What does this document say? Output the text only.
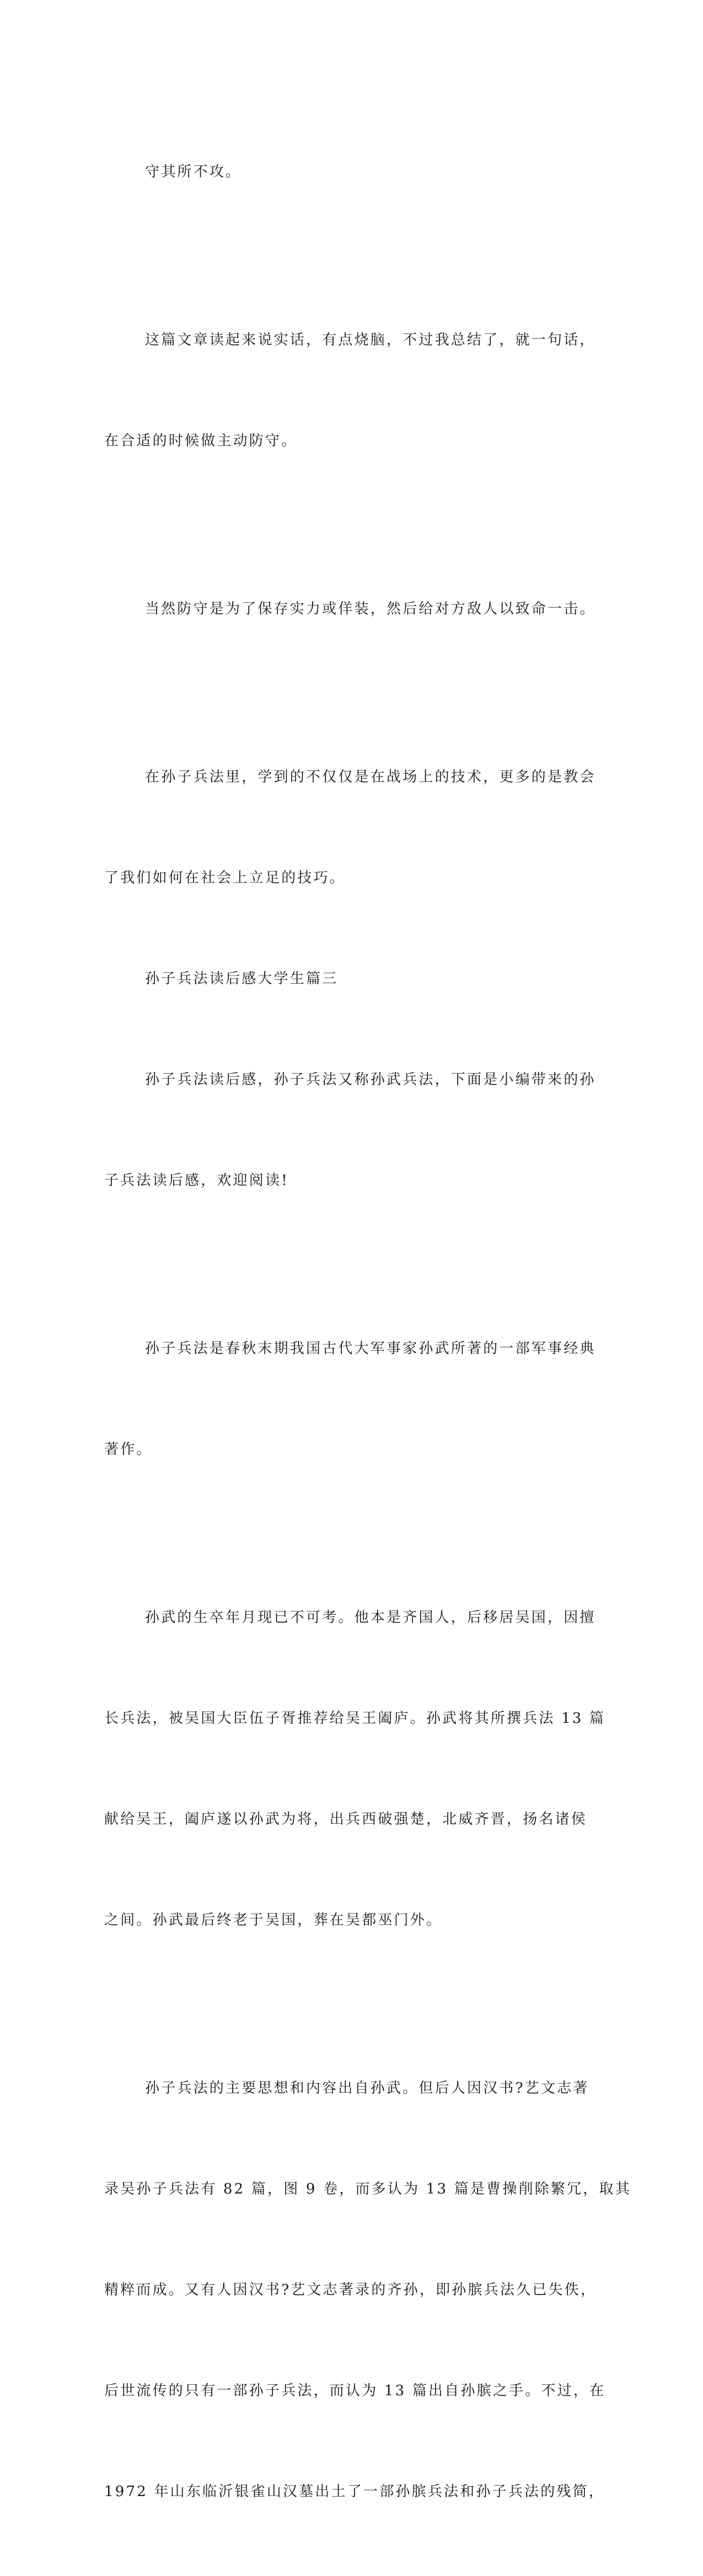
守其所不攻。

这篇文章读起来说实话，有点烧脑，不过我总结了，就一句话，

在合适的时候做主动防守。

当然防守是为了保存实力或佯装，然后给对方敌人以致命一击。

在孙子兵法里，学到的不仅仅是在战场上的技术，更多的是教会

了我们如何在社会上立足的技巧。

孙子兵法读后感大学生篇三

孙子兵法读后感，孙子兵法又称孙武兵法，下面是小编带来的孙

子兵法读后感，欢迎阅读!

孙子兵法是春秋末期我国古代大军事家孙武所著的一部军事经典

著作。

孙武的生卒年月现已不可考。他本是齐国人，后移居吴国，因擅

长兵法，被吴国大臣伍子胥推荐给吴王阖庐。孙武将其所撰兵法 13 篇

献给吴王，阖庐遂以孙武为将，出兵西破强楚，北威齐晋，扬名诸侯

之间。孙武最后终老于吴国，葬在吴都巫门外。

孙子兵法的主要思想和内容出自孙武。但后人因汉书?艺文志著

录吴孙子兵法有 82 篇，图 9 卷，而多认为 13 篇是曹操削除繁冗，取其

精粹而成。又有人因汉书?艺文志著录的齐孙，即孙膑兵法久已失佚，

后世流传的只有一部孙子兵法，而认为 13 篇出自孙膑之手。不过，在

1972 年山东临沂银雀山汉墓出土了一部孙膑兵法和孙子兵法的残简，
